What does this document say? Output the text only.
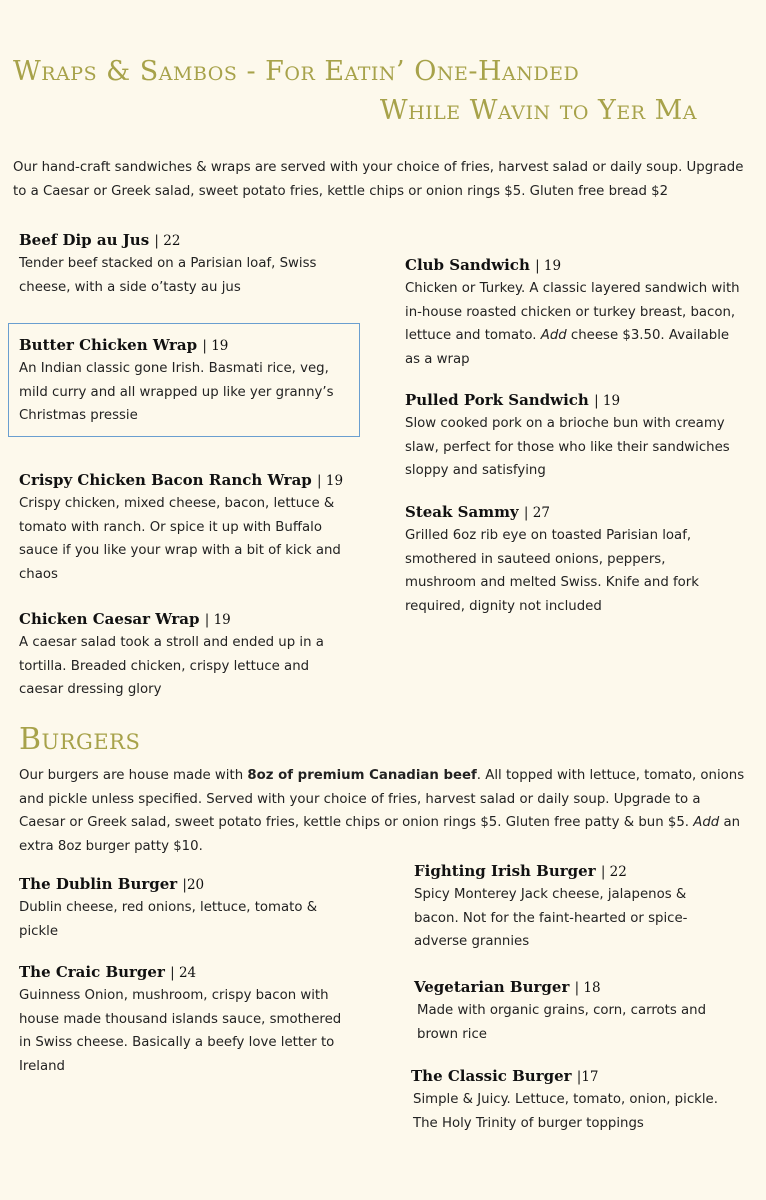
Wraps & Sambos - For Eatin’ One-Handed
While Wavin to Yer Ma
Our hand-craft sandwiches & wraps are served with your choice of fries, harvest salad or daily soup. Upgrade to a Caesar or Greek salad, sweet potato fries, kettle chips or onion rings $5. Gluten free bread $2
Beef Dip au Jus | 22
Tender beef stacked on a Parisian loaf, Swiss cheese, with a side o’tasty au jus
Butter Chicken Wrap | 19
An Indian classic gone Irish. Basmati rice, veg, mild curry and all wrapped up like yer granny’s Christmas pressie
Crispy Chicken Bacon Ranch Wrap | 19
Crispy chicken, mixed cheese, bacon, lettuce & tomato with ranch. Or spice it up with Buffalo sauce if you like your wrap with a bit of kick and chaos
Chicken Caesar Wrap | 19
A caesar salad took a stroll and ended up in a tortilla. Breaded chicken, crispy lettuce and caesar dressing glory
Club Sandwich | 19
Chicken or Turkey. A classic layered sandwich with in-house roasted chicken or turkey breast, bacon, lettuce and tomato. Add cheese $3.50. Available as a wrap
Pulled Pork Sandwich | 19
Slow cooked pork on a brioche bun with creamy slaw, perfect for those who like their sandwiches sloppy and satisfying
Steak Sammy | 27
Grilled 6oz rib eye on toasted Parisian loaf, smothered in sauteed onions, peppers, mushroom and melted Swiss. Knife and fork required, dignity not included
Burgers
Our burgers are house made with 8oz of premium Canadian beef. All topped with lettuce, tomato, onions and pickle unless specified. Served with your choice of fries, harvest salad or daily soup. Upgrade to a Caesar or Greek salad, sweet potato fries, kettle chips or onion rings $5. Gluten free patty & bun $5. Add an extra 8oz burger patty $10.
The Dublin Burger |20
Dublin cheese, red onions, lettuce, tomato & pickle
The Craic Burger | 24
Guinness Onion, mushroom, crispy bacon with house made thousand islands sauce, smothered in Swiss cheese. Basically a beefy love letter to Ireland
Fighting Irish Burger | 22
Spicy Monterey Jack cheese, jalapenos & bacon. Not for the faint-hearted or spice-adverse grannies
Vegetarian Burger | 18
Made with organic grains, corn, carrots and brown rice
The Classic Burger |17
Simple & Juicy. Lettuce, tomato, onion, pickle. The Holy Trinity of burger toppings
